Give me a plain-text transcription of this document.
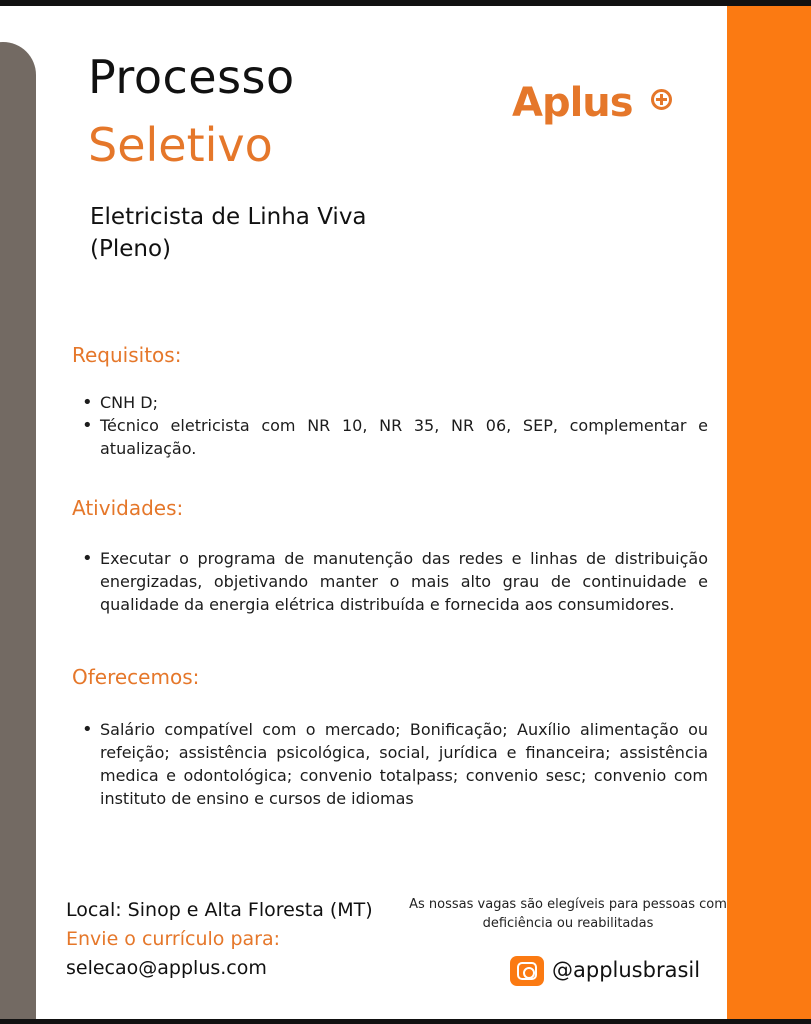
Processo
Seletivo
Aplus
Eletricista de Linha Viva
(Pleno)
Requisitos:
• CNH D;
• Técnico eletricista com NR 10, NR 35, NR 06, SEP, complementar e atualização.
Atividades:
• Executar o programa de manutenção das redes e linhas de distribuição energizadas, objetivando manter o mais alto grau de continuidade e qualidade da energia elétrica distribuída e fornecida aos consumidores.
Oferecemos:
• Salário compatível com o mercado; Bonificação; Auxílio alimentação ou refeição; assistência psicológica, social, jurídica e financeira; assistência medica e odontológica; convenio totalpass; convenio sesc; convenio com instituto de ensino e cursos de idiomas
Local: Sinop e Alta Floresta (MT)
Envie o currículo para:
selecao@applus.com
As nossas vagas são elegíveis para pessoas com deficiência ou reabilitadas
@applusbrasil
